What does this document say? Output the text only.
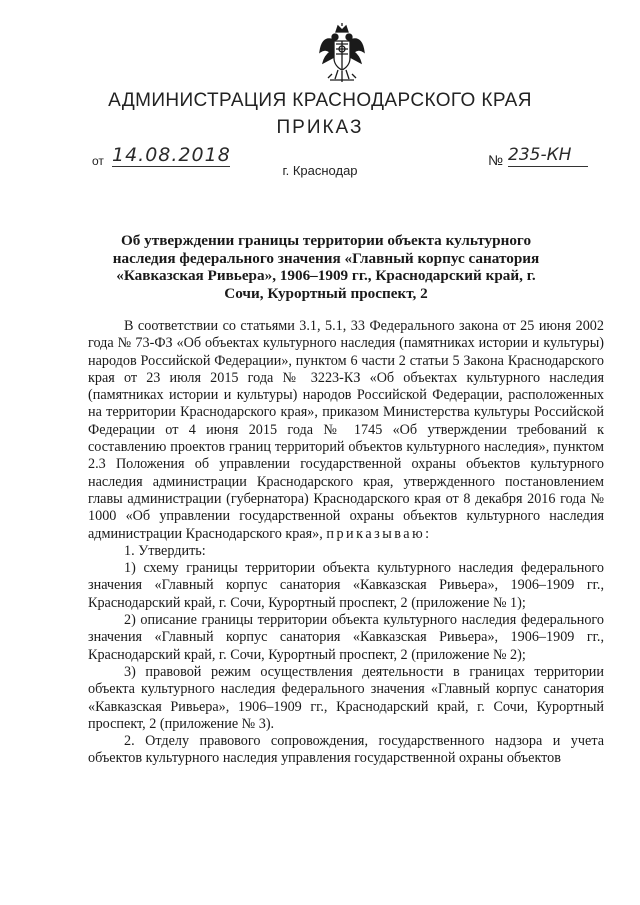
АДМИНИСТРАЦИЯ КРАСНОДАРСКОГО КРАЯ
ПРИКАЗ
от 14.08.2018	№ 235-КН
г. Краснодар
Об утверждении границы территории объекта культурного наследия федерального значения «Главный корпус санатория «Кавказская Ривьера», 1906–1909 гг., Краснодарский край, г. Сочи, Курортный проспект, 2

В соответствии со статьями 3.1, 5.1, 33 Федерального закона от 25 июня 2002 года № 73-ФЗ «Об объектах культурного наследия (памятниках истории и культуры) народов Российской Федерации», пунктом 6 части 2 статьи 5 Закона Краснодарского края от 23 июля 2015 года № 3223-КЗ «Об объектах культурного наследия (памятниках истории и культуры) народов Российской Федерации, расположенных на территории Краснодарского края», приказом Министерства культуры Российской Федерации от 4 июня 2015 года № 1745 «Об утверждении требований к составлению проектов границ территорий объектов культурного наследия», пунктом 2.3 Положения об управлении государственной охраны объектов культурного наследия администрации Краснодарского края, утвержденного постановлением главы администрации (губернатора) Краснодарского края от 8 декабря 2016 года № 1000 «Об управлении государственной охраны объектов культурного наследия администрации Краснодарского края», приказываю:

1. Утвердить:

1) схему границы территории объекта культурного наследия федерального значения «Главный корпус санатория «Кавказская Ривьера», 1906–1909 гг., Краснодарский край, г. Сочи, Курортный проспект, 2 (приложение № 1);

2) описание границы территории объекта культурного наследия федерального значения «Главный корпус санатория «Кавказская Ривьера», 1906–1909 гг., Краснодарский край, г. Сочи, Курортный проспект, 2 (приложение № 2);

3) правовой режим осуществления деятельности в границах территории объекта культурного наследия федерального значения «Главный корпус санатория «Кавказская Ривьера», 1906–1909 гг., Краснодарский край, г. Сочи, Курортный проспект, 2 (приложение № 3).

2. Отделу правового сопровождения, государственного надзора и учета объектов культурного наследия управления государственной охраны объектов
